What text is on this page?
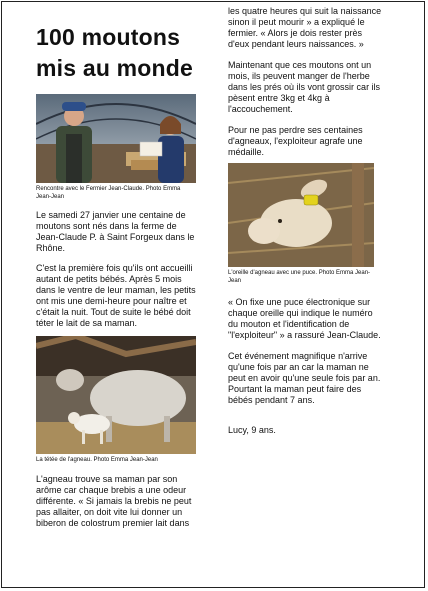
100 moutons mis au monde
Rencontre avec le Fermier Jean-Claude. Photo Emma Jean-Jean

Le samedi 27 janvier une centaine de moutons sont nés dans la ferme de Jean-Claude P. à Saint Forgeux dans le Rhône.

C'est la première fois qu'ils ont accueilli autant de petits bébés. Après 5 mois dans le ventre de leur maman, les petits ont mis une demi-heure pour naître et c'était la nuit. Tout de suite le bébé doit téter le lait de sa maman.

La tétée de l'agneau. Photo Emma Jean-Jean

L'agneau trouve sa maman par son arôme car chaque brebis a une odeur différente. « Si jamais la brebis ne peut pas allaiter, on doit vite lui donner un biberon de colostrum premier lait dans

les quatre heures qui suit la naissance sinon il peut mourir » a expliqué le fermier. « Alors je dois rester près d'eux pendant leurs naissances. »

Maintenant que ces moutons ont un mois, ils peuvent manger de l'herbe dans les prés où ils vont grossir car ils pèsent entre 3kg et 4kg à l'accouchement.

Pour ne pas perdre ses centaines d'agneaux, l'exploiteur agrafe une médaille.

L'oreille d'agneau avec une puce. Photo Emma Jean-Jean

« On fixe une puce électronique sur chaque oreille qui indique le numéro du mouton et l'identification de "l'exploiteur" » a rassuré Jean-Claude.

Cet événement magnifique n'arrive qu'une fois par an car la maman ne peut en avoir qu'une seule fois par an. Pourtant la maman peut faire des bébés pendant 7 ans.

Lucy, 9 ans.
